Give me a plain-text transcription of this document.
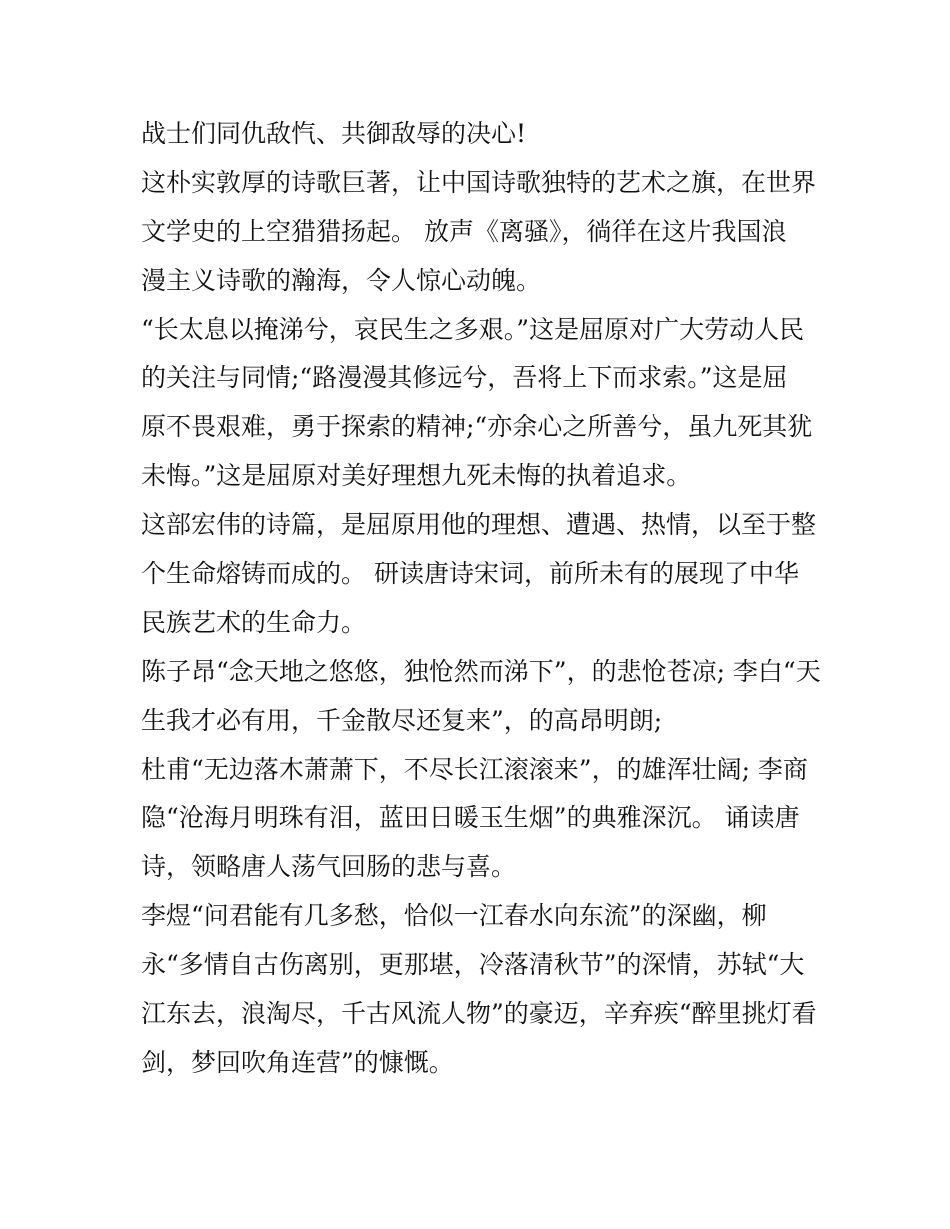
战士们同仇敌忾、共御敌辱的决心!
这朴实敦厚的诗歌巨著，让中国诗歌独特的艺术之旗，在世界
文学史的上空猎猎扬起。 放声《离骚》，徜徉在这片我国浪
漫主义诗歌的瀚海，令人惊心动魄。
“长太息以掩涕兮，哀民生之多艰。”这是屈原对广大劳动人民
的关注与同情;“路漫漫其修远兮，吾将上下而求索。”这是屈
原不畏艰难，勇于探索的精神;“亦余心之所善兮，虽九死其犹
未悔。”这是屈原对美好理想九死未悔的执着追求。
这部宏伟的诗篇，是屈原用他的理想、遭遇、热情，以至于整
个生命熔铸而成的。 研读唐诗宋词，前所未有的展现了中华
民族艺术的生命力。
陈子昂“念天地之悠悠，独怆然而涕下”，的悲怆苍凉; 李白“天
生我才必有用，千金散尽还复来”，的高昂明朗;
杜甫“无边落木萧萧下，不尽长江滚滚来”，的雄浑壮阔; 李商
隐“沧海月明珠有泪，蓝田日暖玉生烟”的典雅深沉。 诵读唐
诗，领略唐人荡气回肠的悲与喜。
李煜“问君能有几多愁，恰似一江春水向东流”的深幽，柳
永“多情自古伤离别，更那堪，冷落清秋节”的深情，苏轼“大
江东去，浪淘尽，千古风流人物”的豪迈，辛弃疾“醉里挑灯看
剑，梦回吹角连营”的慷慨。
